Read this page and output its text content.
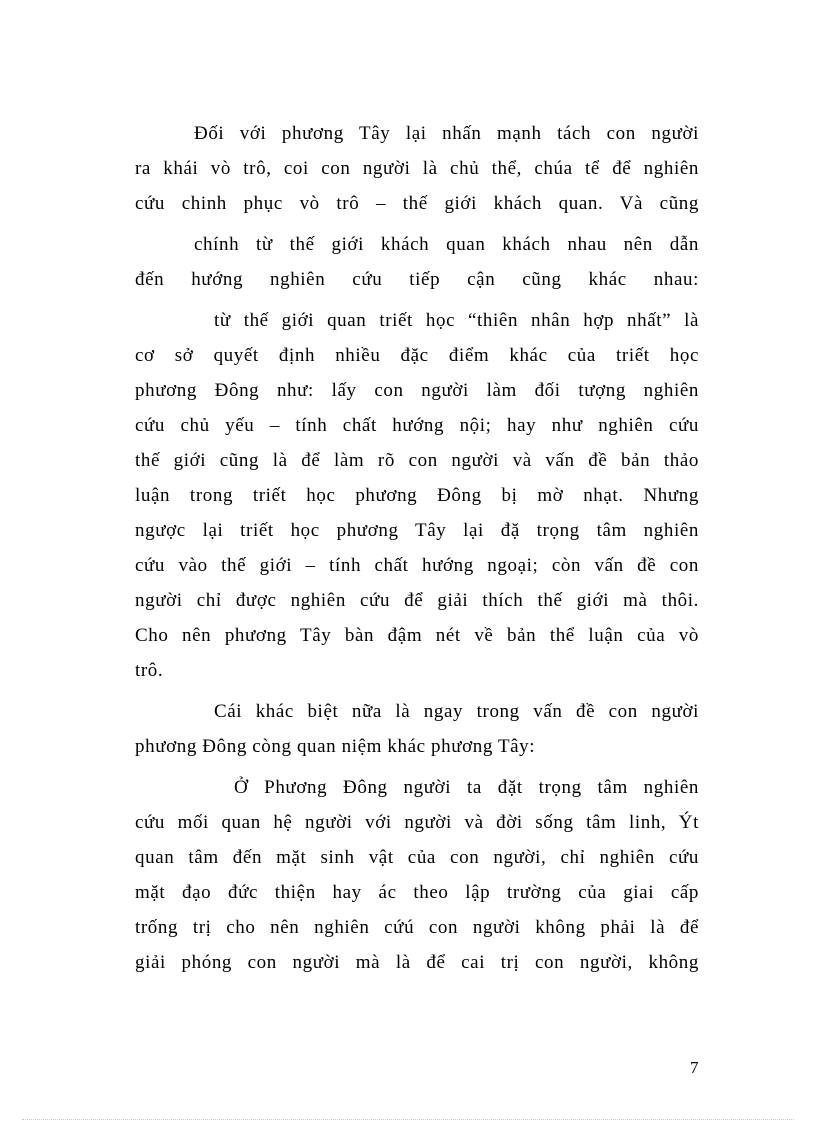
Đối với phương Tây lại nhấn mạnh tách con người
ra khái vò trô, coi con người là chủ thể, chúa tể để nghiên
cứu chinh phục vò trô – thế giới khách quan. Và cũng
chính từ thế giới khách quan khách nhau nên dẫn
đến hướng nghiên cứu tiếp cận cũng khác nhau:
từ thế giới quan triết học “thiên nhân hợp nhất” là
cơ sở quyết định nhiều đặc điểm khác của triết học
phương Đông như: lấy con người làm đối tượng nghiên
cứu chủ yếu – tính chất hướng nội; hay như nghiên cứu
thế giới cũng là để làm rõ con người và vấn đề bản thảo
luận trong triết học phương Đông bị mờ nhạt. Nhưng
ngược lại triết học phương Tây lại đặ trọng tâm nghiên
cứu vào thế giới – tính chất hướng ngoại; còn vấn đề con
người chỉ được nghiên cứu để giải thích thế giới mà thôi.
Cho nên phương Tây bàn đậm nét về bản thể luận của vò
trô.
Cái khác biệt nữa là ngay trong vấn đề con người
phương Đông còng quan niệm khác phương Tây:
Ở Phương Đông người ta đặt trọng tâm nghiên
cứu mối quan hệ người với người và đời sống tâm linh, Ýt
quan tâm đến mặt sinh vật của con người, chỉ nghiên cứu
mặt đạo đức thiện hay ác theo lập trường của giai cấp
trống trị cho nên nghiên cứú con người không phải là để
giải phóng con người mà là để cai trị con người, không
7
